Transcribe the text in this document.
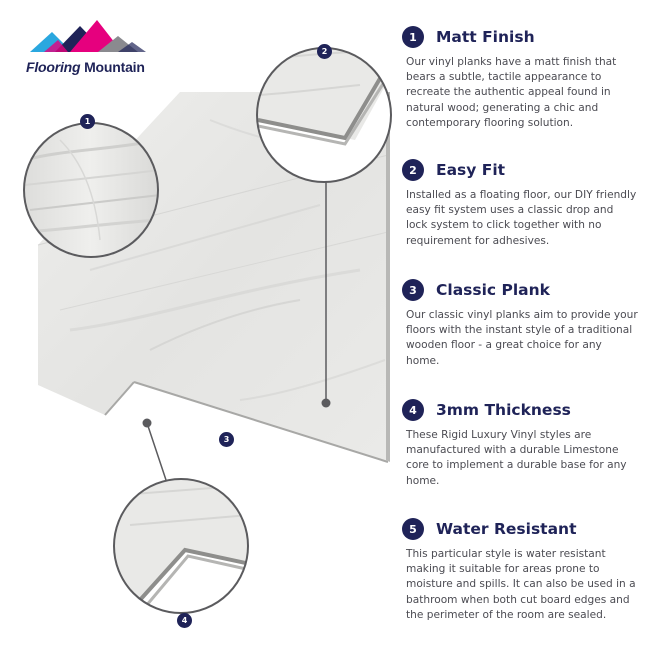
Flooring Mountain
1
2
3
4
1	Matt Finish
Our vinyl planks have a matt finish that bears a subtle, tactile appearance to recreate the authentic appeal found in natural wood; generating a chic and contemporary flooring solution.
2	Easy Fit
Installed as a floating floor, our DIY friendly easy fit system uses a classic drop and lock system to click together with no requirement for adhesives.
3	Classic Plank
Our classic vinyl planks aim to provide your floors with the instant style of a traditional wooden floor - a great choice for any home.
4	3mm Thickness
These Rigid Luxury Vinyl styles are manufactured with a durable Limestone core to implement a durable base for any home.
5	Water Resistant
This particular style is water resistant making it suitable for areas prone to moisture and spills. It can also be used in a bathroom when both cut board edges and the perimeter of the room are sealed.
